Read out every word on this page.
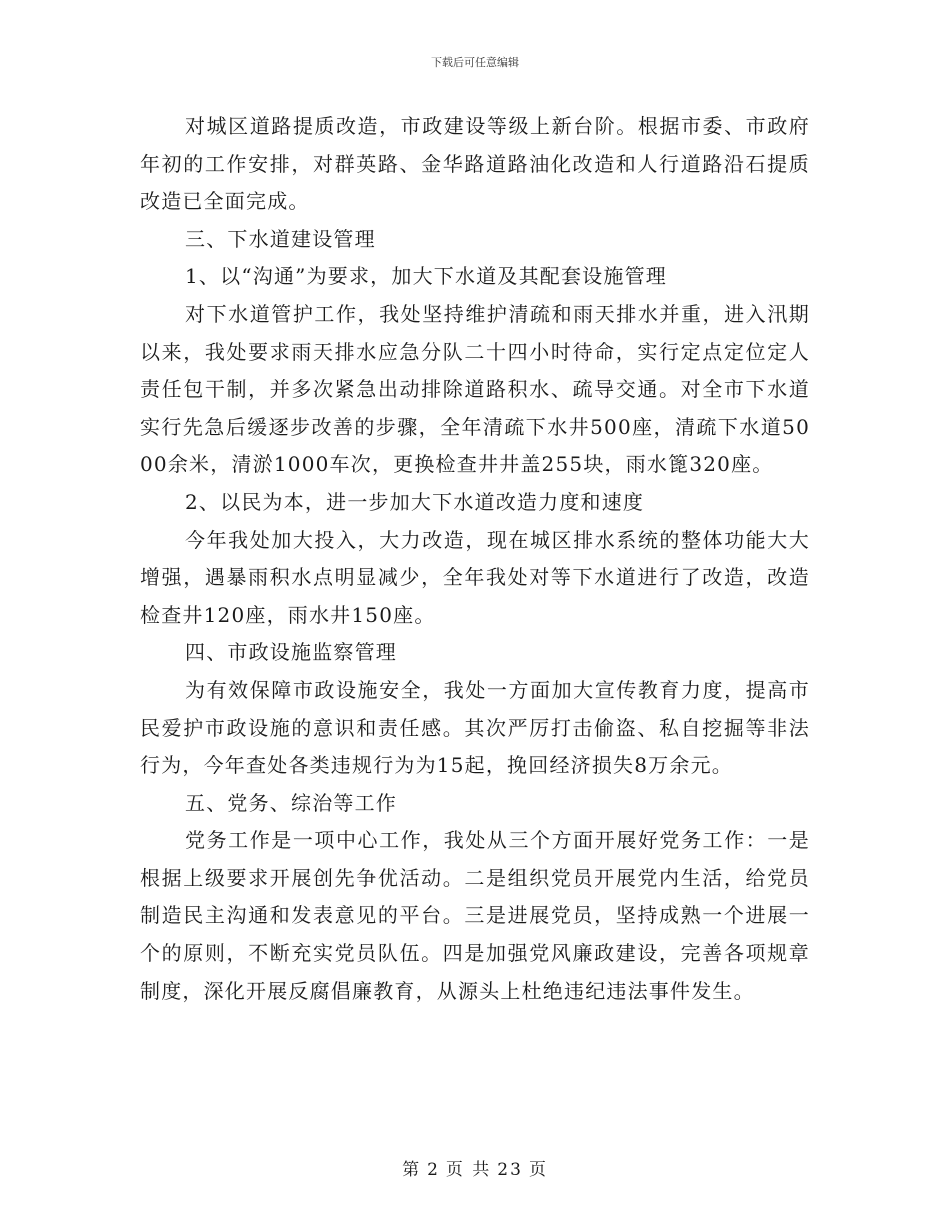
下载后可任意编辑

对城区道路提质改造，市政建设等级上新台阶。根据市委、市政府年初的工作安排，对群英路、金华路道路油化改造和人行道路沿石提质改造已全面完成。

三、下水道建设管理

1、以“沟通”为要求，加大下水道及其配套设施管理

对下水道管护工作，我处坚持维护清疏和雨天排水并重，进入汛期以来，我处要求雨天排水应急分队二十四小时待命，实行定点定位定人责任包干制，并多次紧急出动排除道路积水、疏导交通。对全市下水道实行先急后缓逐步改善的步骤，全年清疏下水井500座，清疏下水道5000余米，清淤1000车次，更换检查井井盖255块，雨水篦320座。

2、以民为本，进一步加大下水道改造力度和速度

今年我处加大投入，大力改造，现在城区排水系统的整体功能大大增强，遇暴雨积水点明显减少，全年我处对等下水道进行了改造，改造检查井120座，雨水井150座。

四、市政设施监察管理

为有效保障市政设施安全，我处一方面加大宣传教育力度，提高市民爱护市政设施的意识和责任感。其次严厉打击偷盗、私自挖掘等非法行为，今年查处各类违规行为为15起，挽回经济损失8万余元。

五、党务、综治等工作

党务工作是一项中心工作，我处从三个方面开展好党务工作：一是根据上级要求开展创先争优活动。二是组织党员开展党内生活，给党员制造民主沟通和发表意见的平台。三是进展党员，坚持成熟一个进展一个的原则，不断充实党员队伍。四是加强党风廉政建设，完善各项规章制度，深化开展反腐倡廉教育，从源头上杜绝违纪违法事件发生。

第 2 页 共 23 页
